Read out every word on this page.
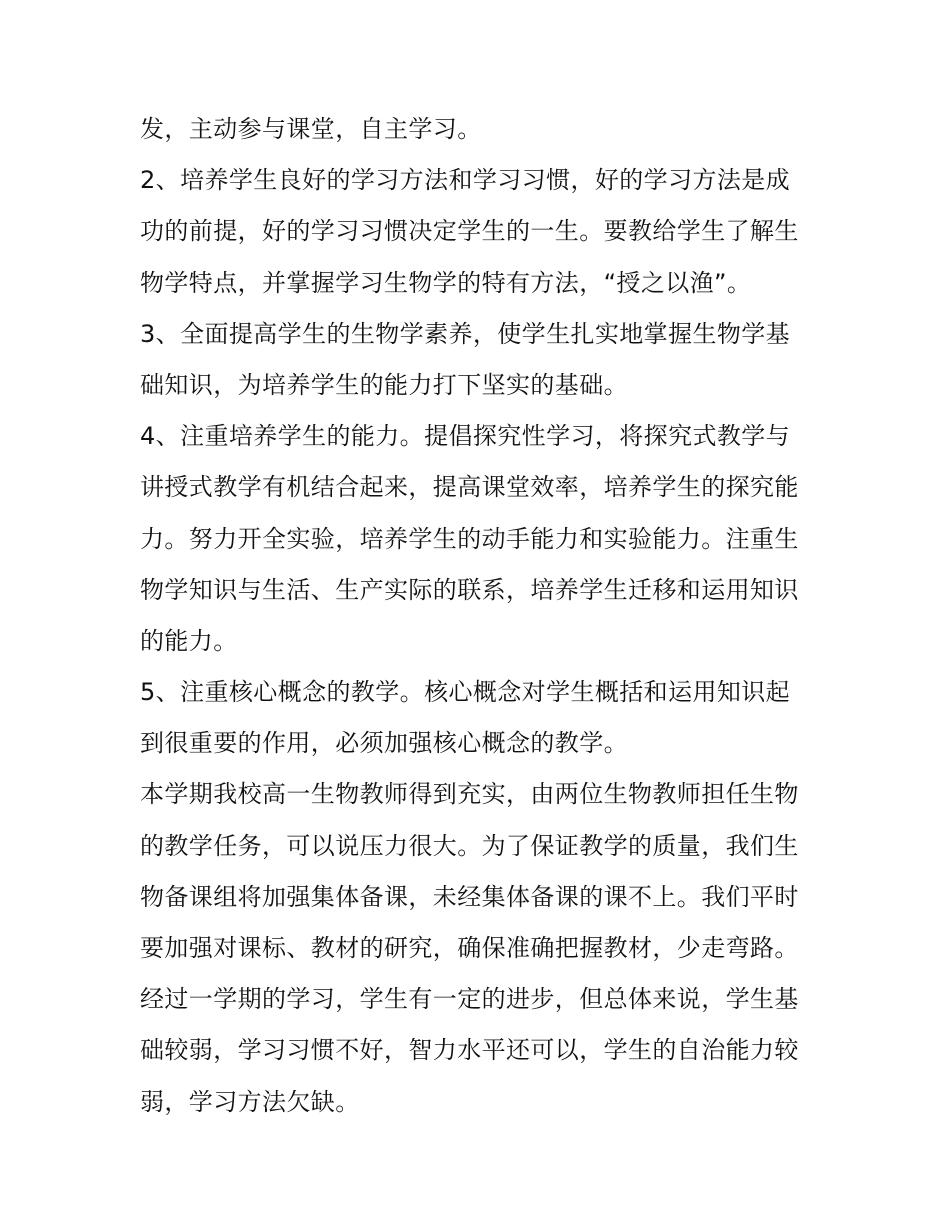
发，主动参与课堂，自主学习。
2、培养学生良好的学习方法和学习习惯，好的学习方法是成
功的前提，好的学习习惯决定学生的一生。要教给学生了解生
物学特点，并掌握学习生物学的特有方法，“授之以渔”。
3、全面提高学生的生物学素养，使学生扎实地掌握生物学基
础知识，为培养学生的能力打下坚实的基础。
4、注重培养学生的能力。提倡探究性学习，将探究式教学与
讲授式教学有机结合起来，提高课堂效率，培养学生的探究能
力。努力开全实验，培养学生的动手能力和实验能力。注重生
物学知识与生活、生产实际的联系，培养学生迁移和运用知识
的能力。
5、注重核心概念的教学。核心概念对学生概括和运用知识起
到很重要的作用，必须加强核心概念的教学。
本学期我校高一生物教师得到充实，由两位生物教师担任生物
的教学任务，可以说压力很大。为了保证教学的质量，我们生
物备课组将加强集体备课，未经集体备课的课不上。我们平时
要加强对课标、教材的研究，确保准确把握教材，少走弯路。
经过一学期的学习，学生有一定的进步，但总体来说，学生基
础较弱，学习习惯不好，智力水平还可以，学生的自治能力较
弱，学习方法欠缺。
